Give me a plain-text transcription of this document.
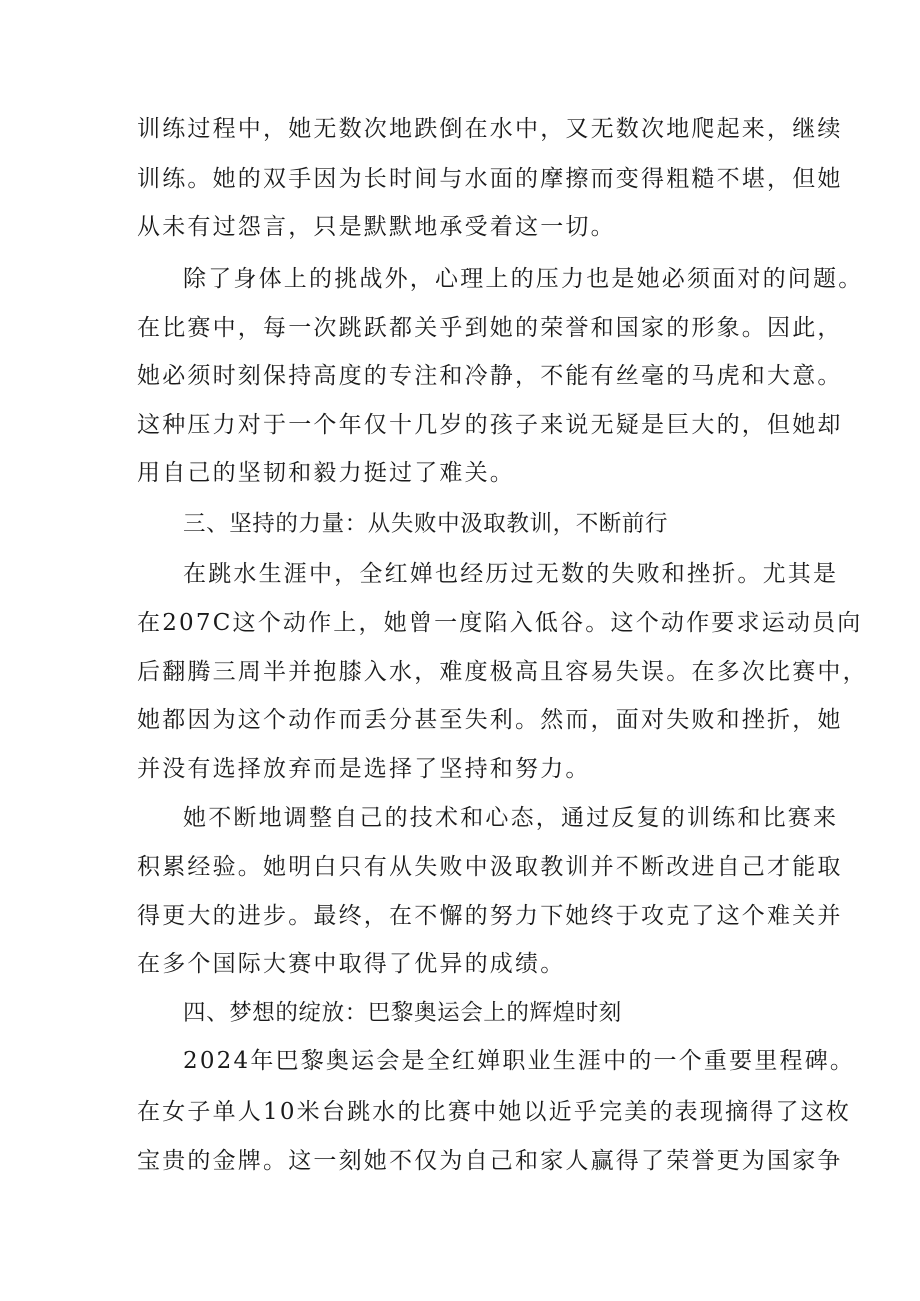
训练过程中，她无数次地跌倒在水中，又无数次地爬起来，继续
训练。她的双手因为长时间与水面的摩擦而变得粗糙不堪，但她
从未有过怨言，只是默默地承受着这一切。
除了身体上的挑战外，心理上的压力也是她必须面对的问题。
在比赛中，每一次跳跃都关乎到她的荣誉和国家的形象。因此，
她必须时刻保持高度的专注和冷静，不能有丝毫的马虎和大意。
这种压力对于一个年仅十几岁的孩子来说无疑是巨大的，但她却
用自己的坚韧和毅力挺过了难关。
三、坚持的力量：从失败中汲取教训，不断前行
在跳水生涯中，全红婵也经历过无数的失败和挫折。尤其是
在207C这个动作上，她曾一度陷入低谷。这个动作要求运动员向
后翻腾三周半并抱膝入水，难度极高且容易失误。在多次比赛中，
她都因为这个动作而丢分甚至失利。然而，面对失败和挫折，她
并没有选择放弃而是选择了坚持和努力。
她不断地调整自己的技术和心态，通过反复的训练和比赛来
积累经验。她明白只有从失败中汲取教训并不断改进自己才能取
得更大的进步。最终，在不懈的努力下她终于攻克了这个难关并
在多个国际大赛中取得了优异的成绩。
四、梦想的绽放：巴黎奥运会上的辉煌时刻
2024年巴黎奥运会是全红婵职业生涯中的一个重要里程碑。
在女子单人10米台跳水的比赛中她以近乎完美的表现摘得了这枚
宝贵的金牌。这一刻她不仅为自己和家人赢得了荣誉更为国家争
